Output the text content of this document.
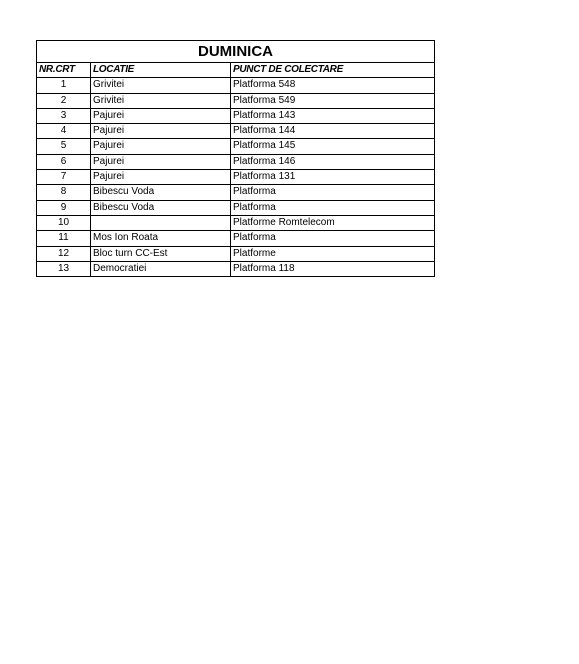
DUMINICA		
NR.CRT	LOCATIE	PUNCT DE COLECTARE
1	Grivitei	Platforma 548
2	Grivitei	Platforma 549
3	Pajurei	Platforma 143
4	Pajurei	Platforma 144
5	Pajurei	Platforma 145
6	Pajurei	Platforma 146
7	Pajurei	Platforma 131
8	Bibescu Voda	Platforma
9	Bibescu Voda	Platforma
10		Platforme Romtelecom
11	Mos Ion Roata	Platforma
12	Bloc turn CC-Est	Platforme
13	Democratiei	Platforma 118
